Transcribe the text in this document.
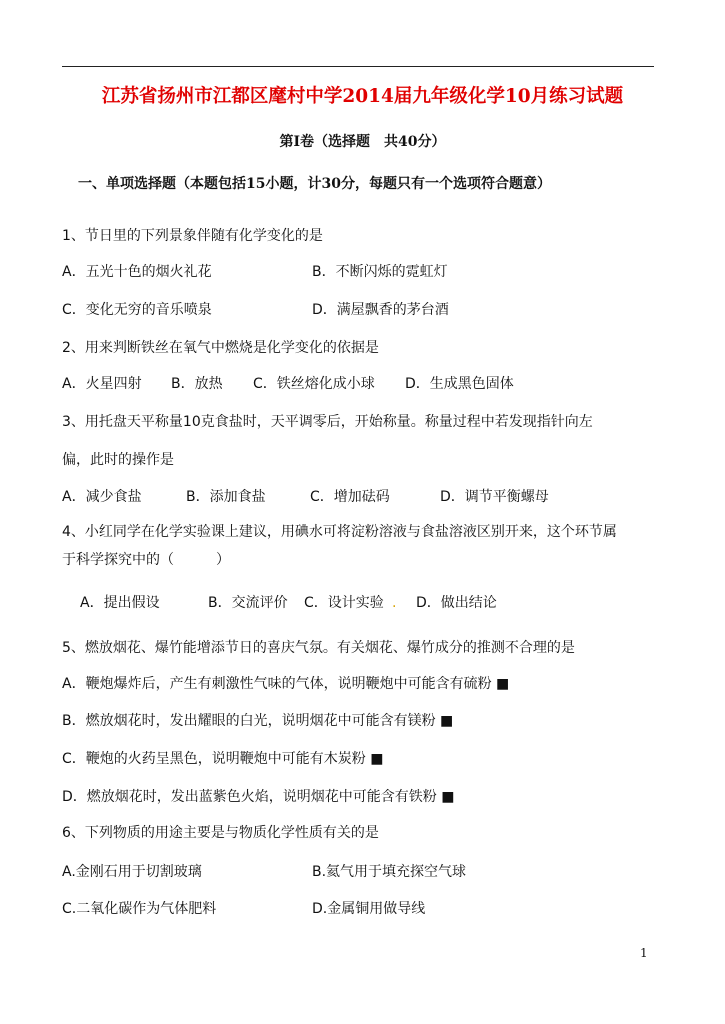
江苏省扬州市江都区麾村中学2014届九年级化学10月练习试题
第I卷（选择题　共40分）
一、单项选择题（本题包括15小题，计30分，每题只有一个选项符合题意）
1、节日里的下列景象伴随有化学变化的是
A．五光十色的烟火礼花	B．不断闪烁的霓虹灯
C．变化无穷的音乐喷泉	D．满屋飘香的茅台酒
2、用来判断铁丝在氧气中燃烧是化学变化的依据是
A．火星四射 B．放热 C．铁丝熔化成小球 D．生成黑色固体
3、用托盘天平称量10克食盐时，天平调零后，开始称量。称量过程中若发现指针向左
偏，此时的操作是
A．减少食盐	B．添加食盐	C．增加砝码	D．调节平衡螺母
4、小红同学在化学实验课上建议，用碘水可将淀粉溶液与食盐溶液区别开来，这个环节属
于科学探究中的（　　　）
A．提出假设	B．交流评价 C．设计实验 . D．做出结论
5、燃放烟花、爆竹能增添节日的喜庆气氛。有关烟花、爆竹成分的推测不合理的是
A．鞭炮爆炸后，产生有刺激性气味的气体，说明鞭炮中可能含有硫粉 ■
B．燃放烟花时，发出耀眼的白光，说明烟花中可能含有镁粉 ■
C．鞭炮的火药呈黑色，说明鞭炮中可能有木炭粉 ■
D．燃放烟花时，发出蓝紫色火焰，说明烟花中可能含有铁粉 ■
6、下列物质的用途主要是与物质化学性质有关的是
A.金刚石用于切割玻璃	B.氦气用于填充探空气球
C.二氧化碳作为气体肥料	D.金属铜用做导线
1
